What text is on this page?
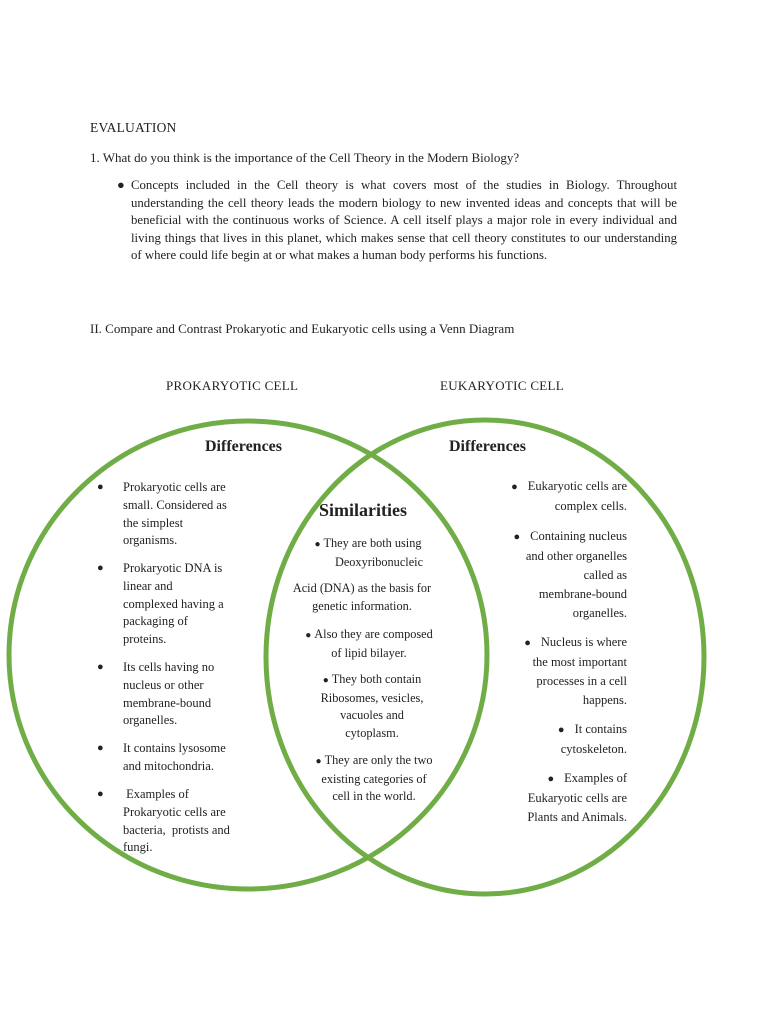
EVALUATION
1. What do you think is the importance of the Cell Theory in the Modern Biology?
● Concepts included in the Cell theory is what covers most of the studies in Biology. Throughout understanding the cell theory leads the modern biology to new invented ideas and concepts that will be beneficial with the continuous works of Science. A cell itself plays a major role in every individual and living things that lives in this planet, which makes sense that cell theory constitutes to our understanding of where could life begin at or what makes a human body performs his functions.
II. Compare and Contrast Prokaryotic and Eukaryotic cells using a Venn Diagram
PROKARYOTIC CELL	EUKARYOTIC CELL
Differences	Differences
Similarities
● Prokaryotic cells are
small. Considered as
the simplest
organisms.
● Prokaryotic DNA is
linear and
complexed having a
packaging of
proteins.
● Its cells having no
nucleus or other
membrane-bound
organelles.
● It contains lysosome
and mitochondria.
● Examples of
Prokaryotic cells are
bacteria,  protists and
fungi.
● Eukaryotic cells are
complex cells.
● Containing nucleus
and other organelles
called as
membrane-bound
organelles.
● Nucleus is where
the most important
processes in a cell
happens.
● It contains
cytoskeleton.
● Examples of
Eukaryotic cells are
Plants and Animals.
● They are both using
Deoxyribonucleic
Acid (DNA) as the basis for
genetic information.
● Also they are composed
of lipid bilayer.
● They both contain
Ribosomes, vesicles,
vacuoles and
cytoplasm.
● They are only the two
existing categories of
cell in the world.
